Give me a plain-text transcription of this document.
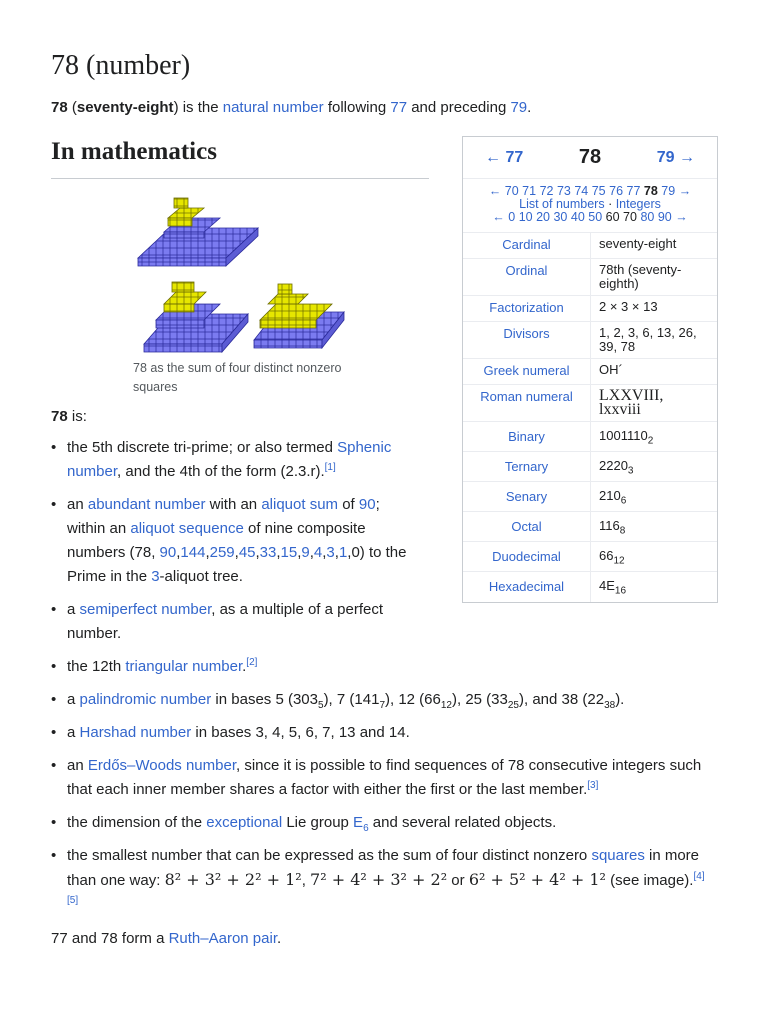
78 (number)

78 (seventy-eight) is the natural number following 77 and preceding 79.

In mathematics

78 as the sum of four distinct nonzero squares

78 is:

• the 5th discrete tri-prime; or also termed Sphenic number, and the 4th of the form (2.3.r).[1]
• an abundant number with an aliquot sum of 90; within an aliquot sequence of nine composite numbers (78, 90,144,259,45,33,15,9,4,3,1,0) to the Prime in the 3-aliquot tree.
• a semiperfect number, as a multiple of a perfect number.
• the 12th triangular number.[2]
• a palindromic number in bases 5 $(303_5)$, 7 $(141_7)$, 12 $(66_{12})$, 25 $(33_{25})$, and 38 $(22_{38})$.
• a Harshad number in bases 3, 4, 5, 6, 7, 13 and 14.
• an Erdős–Woods number, since it is possible to find sequences of 78 consecutive integers such that each inner member shares a factor with either the first or the last member.[3]
• the dimension of the exceptional Lie group $E_6$ and several related objects.
• the smallest number that can be expressed as the sum of four distinct nonzero squares in more than one way: 8² + 3² + 2² + 1², 7² + 4² + 3² + 2² or 6² + 5² + 4² + 1² (see image).[4][5]

77 and 78 form a Ruth–Aaron pair.

← 77	78	79 →
← 70 71 72 73 74 75 76 77 78 79 →
List of numbers · Integers
← 0 10 20 30 40 50 60 70 80 90 →
Cardinal	seventy-eight
Ordinal	78th (seventy-eighth)
Factorization	2 × 3 × 13
Divisors	1, 2, 3, 6, 13, 26, 39, 78
Greek numeral	ΟΗ´
Roman numeral	LXXVIII, lxxviii
Binary	$1001110_2$
Ternary	$2220_3$
Senary	$210_6$
Octal	$116_8$
Duodecimal	$66_{12}$
Hexadecimal	$4E_{16}$
